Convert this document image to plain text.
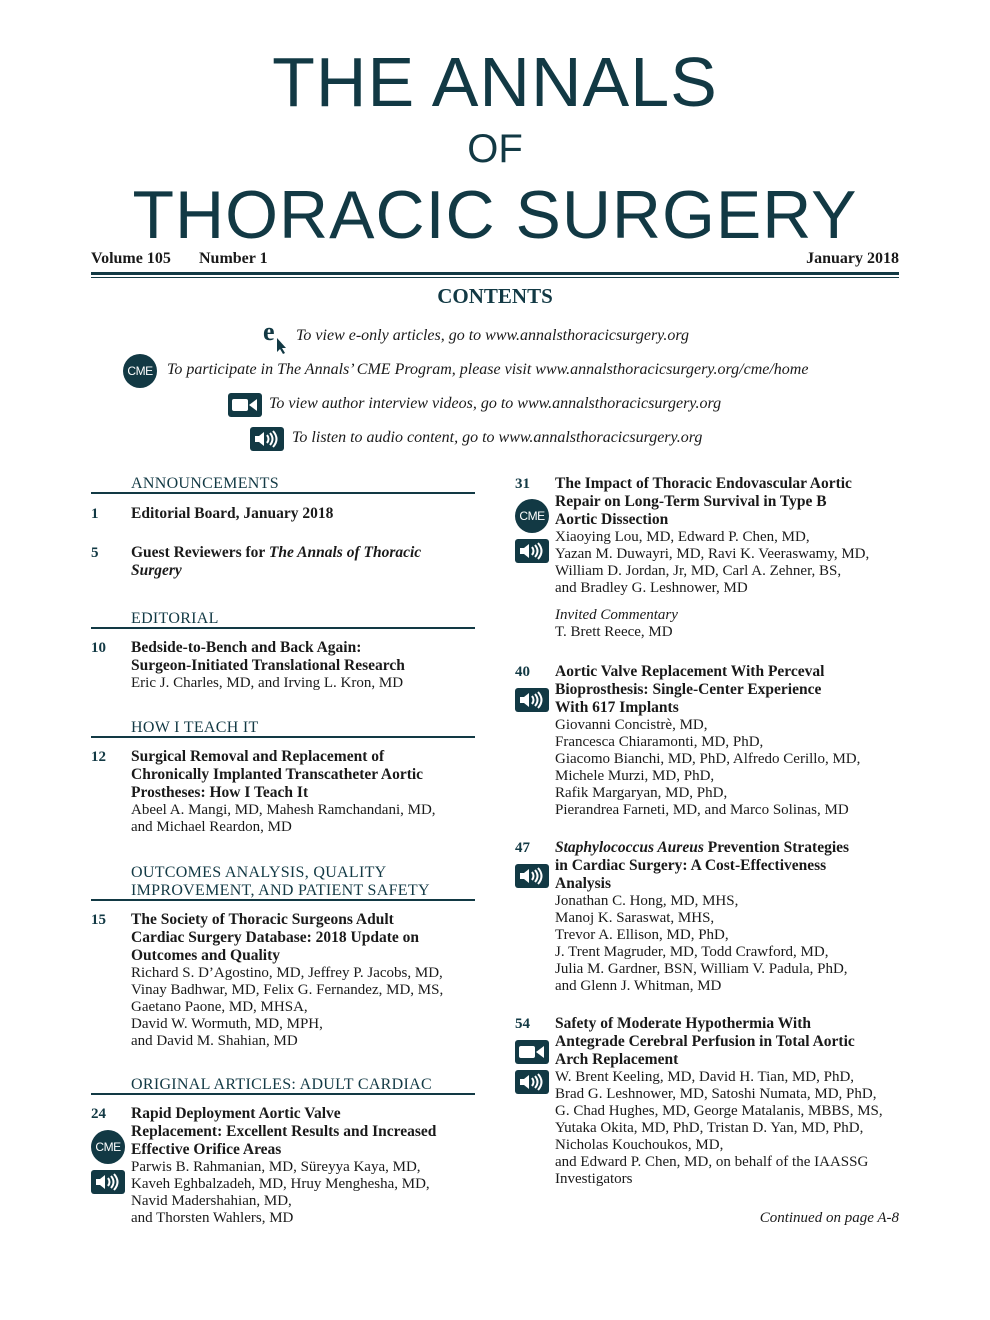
THE ANNALS
OF
THORACIC SURGERY
Volume 105 Number 1	January 2018
CONTENTS
e To view e-only articles, go to www.annalsthoracicsurgery.org
CME To participate in The Annals’ CME Program, please visit www.annalsthoracicsurgery.org/cme/home
To view author interview videos, go to www.annalsthoracicsurgery.org
To listen to audio content, go to www.annalsthoracicsurgery.org
ANNOUNCEMENTS
1 Editorial Board, January 2018
5 Guest Reviewers for The Annals of Thoracic
Surgery
EDITORIAL
10 Bedside-to-Bench and Back Again:
Surgeon-Initiated Translational Research
Eric J. Charles, MD, and Irving L. Kron, MD
HOW I TEACH IT
12 Surgical Removal and Replacement of
Chronically Implanted Transcatheter Aortic
Prostheses: How I Teach It
Abeel A. Mangi, MD, Mahesh Ramchandani, MD,
and Michael Reardon, MD
OUTCOMES ANALYSIS, QUALITY
IMPROVEMENT, AND PATIENT SAFETY
15 The Society of Thoracic Surgeons Adult
Cardiac Surgery Database: 2018 Update on
Outcomes and Quality
Richard S. D’Agostino, MD, Jeffrey P. Jacobs, MD,
Vinay Badhwar, MD, Felix G. Fernandez, MD, MS,
Gaetano Paone, MD, MHSA,
David W. Wormuth, MD, MPH,
and David M. Shahian, MD
ORIGINAL ARTICLES: ADULT CARDIAC
24
CME
Rapid Deployment Aortic Valve
Replacement: Excellent Results and Increased
Effective Orifice Areas
Parwis B. Rahmanian, MD, Süreyya Kaya, MD,
Kaveh Eghbalzadeh, MD, Hruy Menghesha, MD,
Navid Madershahian, MD,
and Thorsten Wahlers, MD
31
CME
The Impact of Thoracic Endovascular Aortic
Repair on Long-Term Survival in Type B
Aortic Dissection
Xiaoying Lou, MD, Edward P. Chen, MD,
Yazan M. Duwayri, MD, Ravi K. Veeraswamy, MD,
William D. Jordan, Jr, MD, Carl A. Zehner, BS,
and Bradley G. Leshnower, MD
Invited Commentary
T. Brett Reece, MD
40 Aortic Valve Replacement With Perceval
Bioprosthesis: Single-Center Experience
With 617 Implants
Giovanni Concistrè, MD,
Francesca Chiaramonti, MD, PhD,
Giacomo Bianchi, MD, PhD, Alfredo Cerillo, MD,
Michele Murzi, MD, PhD,
Rafik Margaryan, MD, PhD,
Pierandrea Farneti, MD, and Marco Solinas, MD
47 Staphylococcus Aureus Prevention Strategies
in Cardiac Surgery: A Cost-Effectiveness
Analysis
Jonathan C. Hong, MD, MHS,
Manoj K. Saraswat, MHS,
Trevor A. Ellison, MD, PhD,
J. Trent Magruder, MD, Todd Crawford, MD,
Julia M. Gardner, BSN, William V. Padula, PhD,
and Glenn J. Whitman, MD
54 Safety of Moderate Hypothermia With
Antegrade Cerebral Perfusion in Total Aortic
Arch Replacement
W. Brent Keeling, MD, David H. Tian, MD, PhD,
Brad G. Leshnower, MD, Satoshi Numata, MD, PhD,
G. Chad Hughes, MD, George Matalanis, MBBS, MS,
Yutaka Okita, MD, PhD, Tristan D. Yan, MD, PhD,
Nicholas Kouchoukos, MD,
and Edward P. Chen, MD, on behalf of the IAASSG
Investigators
Continued on page A-8
